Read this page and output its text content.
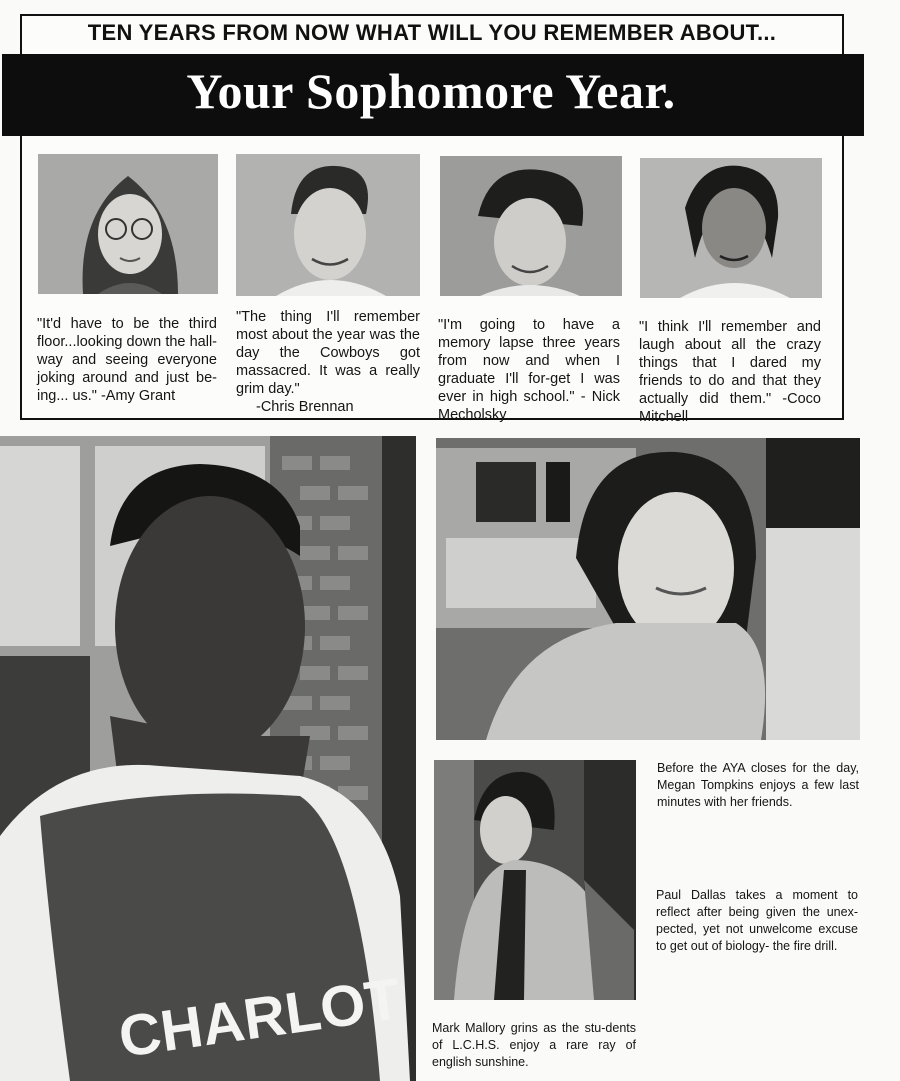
TEN YEARS FROM NOW WHAT WILL YOU REMEMBER ABOUT...
Your Sophomore Year.
"It'd have to be the third floor...looking down the hall-way and seeing everyone joking around and just be-ing... us." -Amy Grant
"The thing I'll remember most about the year was the day the Cowboys got massacred. It was a really grim day."
-Chris Brennan
"I'm going to have a memory lapse three years from now and when I graduate I'll for-get I was ever in high school." - Nick Mecholsky
"I think I'll remember and laugh about all the crazy things that I dared my friends to do and that they actually did them." -Coco Mitchell
CHARLOT
Before the AYA closes for the day, Megan Tompkins enjoys a few last minutes with her friends.
Paul Dallas takes a moment to reflect after being given the unex-pected, yet not unwelcome excuse to get out of biology- the fire drill.
Mark Mallory grins as the stu-dents of L.C.H.S. enjoy a rare ray of english sunshine.
